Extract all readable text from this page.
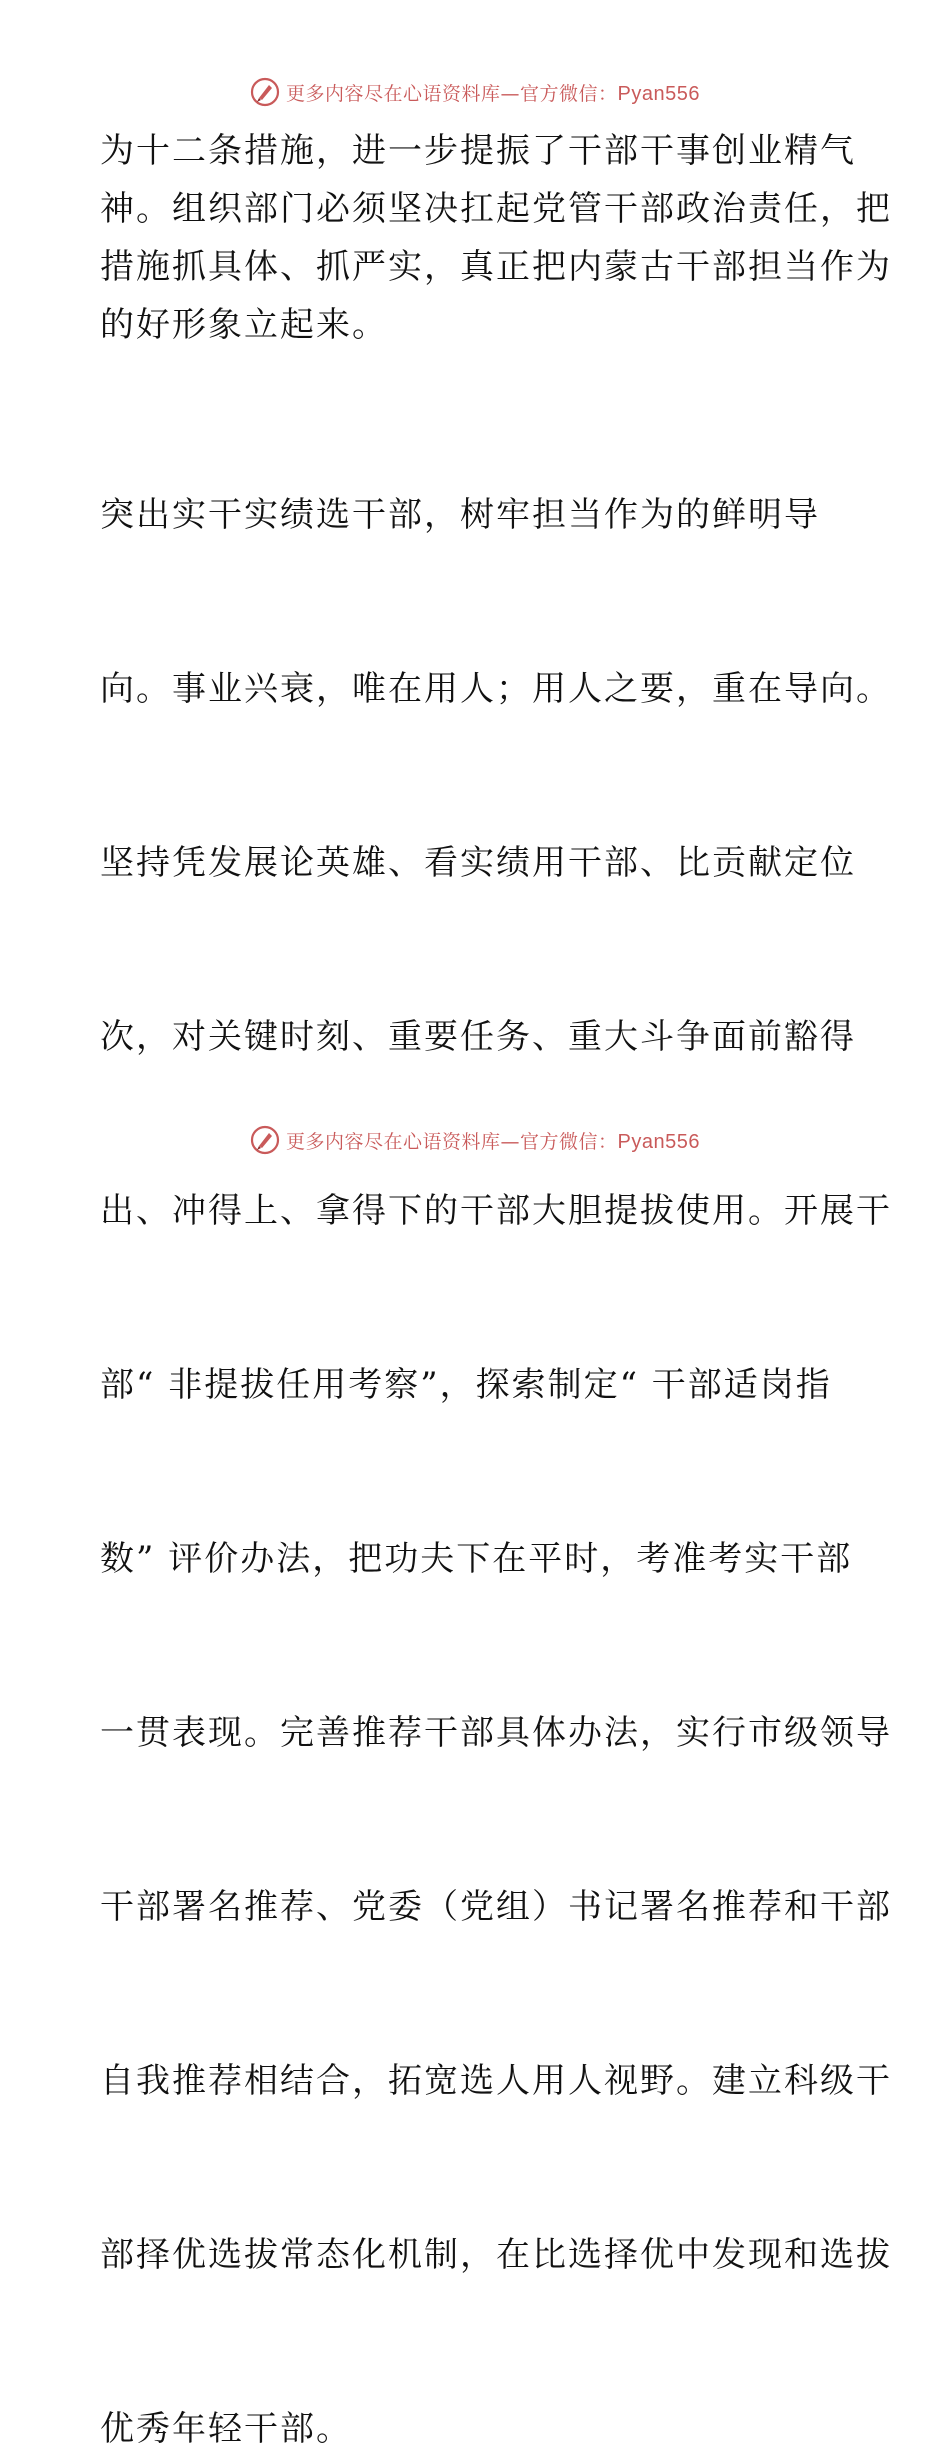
更多内容尽在心语资料库—官方微信：Pyan556

为十二条措施，进一步提振了干部干事创业精气
神。组织部门必须坚决扛起党管干部政治责任，把
措施抓具体、抓严实，真正把内蒙古干部担当作为
的好形象立起来。

突出实干实绩选干部，树牢担当作为的鲜明导

向。事业兴衰，唯在用人；用人之要，重在导向。

坚持凭发展论英雄、看实绩用干部、比贡献定位

次，对关键时刻、重要任务、重大斗争面前豁得

出、冲得上、拿得下的干部大胆提拔使用。开展干

部“ 非提拔任用考察”，探索制定“ 干部适岗指

数” 评价办法，把功夫下在平时，考准考实干部

一贯表现。完善推荐干部具体办法，实行市级领导

干部署名推荐、党委（党组）书记署名推荐和干部

自我推荐相结合，拓宽选人用人视野。建立科级干

部择优选拔常态化机制，在比选择优中发现和选拔

优秀年轻干部。

更多内容尽在心语资料库—官方微信：Pyan556
